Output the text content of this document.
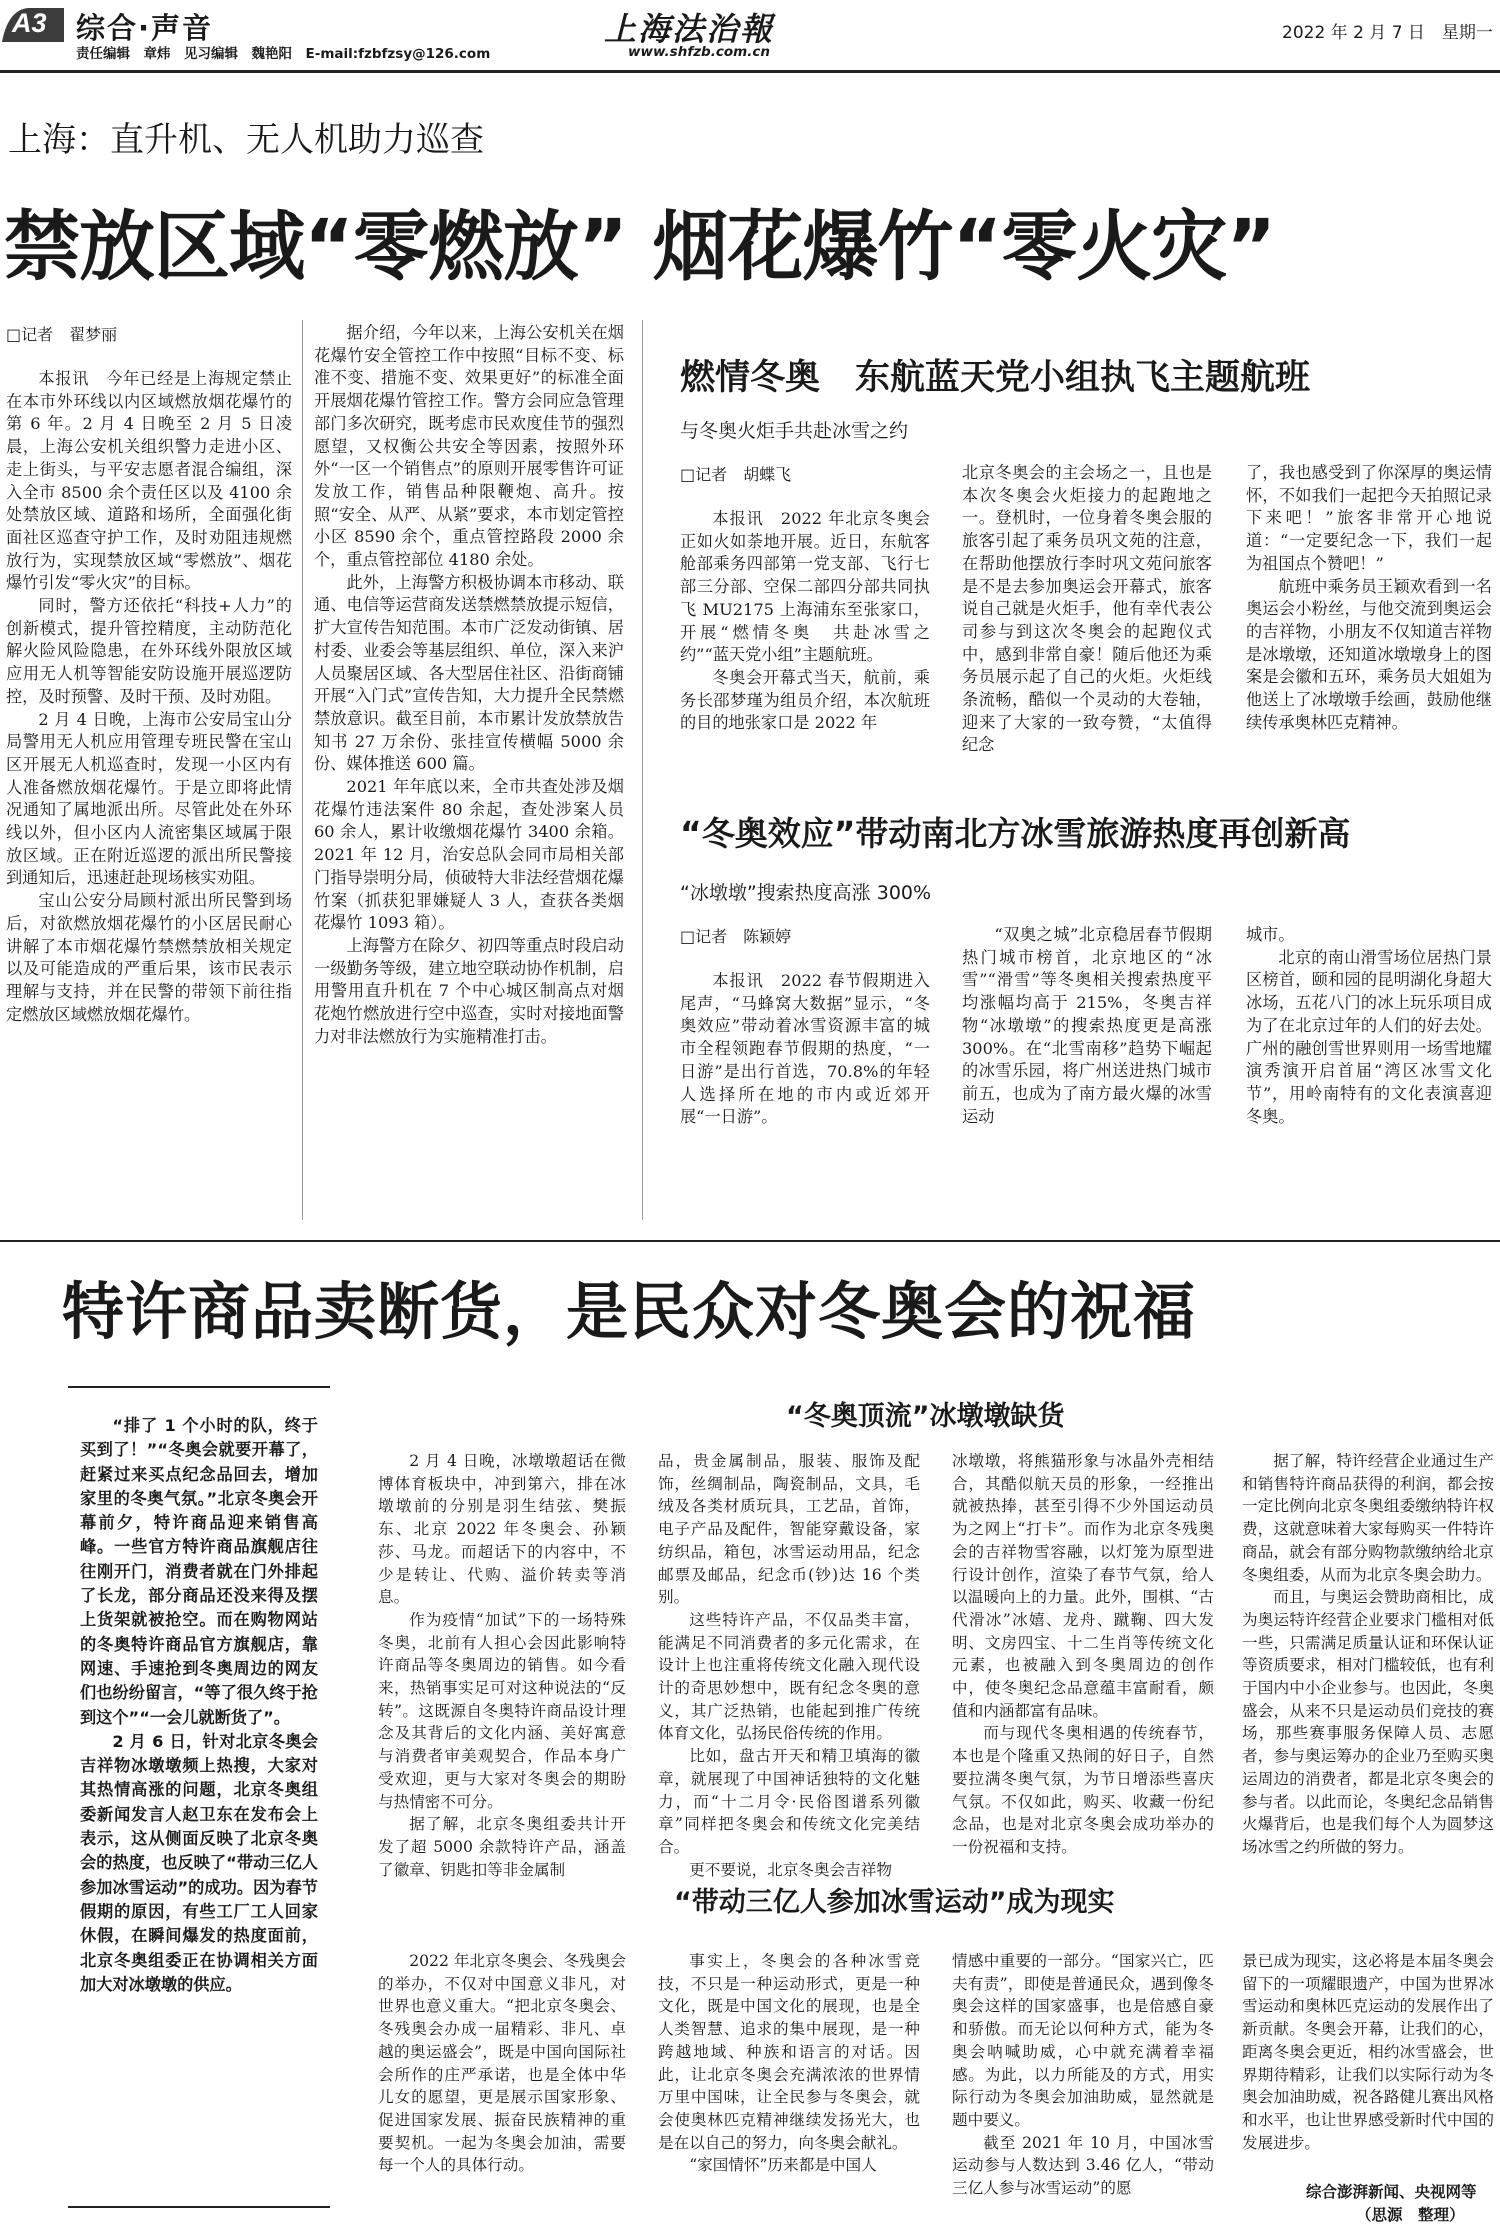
A3 综合·声音
责任编辑　章炜　见习编辑　魏艳阳　E-mail:fzbfzsy@126.com
上海法治報
www.shfzb.com.cn
2022 年 2 月 7 日　星期一
上海：直升机、无人机助力巡查
禁放区域“零燃放” 烟花爆竹“零火灾”
□记者　翟梦丽

本报讯　今年已经是上海规定禁止在本市外环线以内区域燃放烟花爆竹的第 6 年。2 月 4 日晚至 2 月 5 日凌晨，上海公安机关组织警力走进小区、走上街头，与平安志愿者混合编组，深入全市 8500 余个责任区以及 4100 余处禁放区域、道路和场所，全面强化街面社区巡查守护工作，及时劝阻违规燃放行为，实现禁放区域“零燃放”、烟花爆竹引发“零火灾”的目标。

同时，警方还依托“科技+人力”的创新模式，提升管控精度，主动防范化解火险风险隐患，在外环线外限放区域应用无人机等智能安防设施开展巡逻防控，及时预警、及时干预、及时劝阻。

2 月 4 日晚，上海市公安局宝山分局警用无人机应用管理专班民警在宝山区开展无人机巡查时，发现一小区内有人准备燃放烟花爆竹。于是立即将此情况通知了属地派出所。尽管此处在外环线以外，但小区内人流密集区域属于限放区域。正在附近巡逻的派出所民警接到通知后，迅速赶赴现场核实劝阻。

宝山公安分局顾村派出所民警到场后，对欲燃放烟花爆竹的小区居民耐心讲解了本市烟花爆竹禁燃禁放相关规定以及可能造成的严重后果，该市民表示理解与支持，并在民警的带领下前往指定燃放区域燃放烟花爆竹。

据介绍，今年以来，上海公安机关在烟花爆竹安全管控工作中按照“目标不变、标准不变、措施不变、效果更好”的标准全面开展烟花爆竹管控工作。警方会同应急管理部门多次研究，既考虑市民欢度佳节的强烈愿望，又权衡公共安全等因素，按照外环外“一区一个销售点”的原则开展零售许可证发放工作，销售品种限鞭炮、高升。按照“安全、从严、从紧”要求，本市划定管控小区 8590 余个，重点管控路段 2000 余个，重点管控部位 4180 余处。

此外，上海警方积极协调本市移动、联通、电信等运营商发送禁燃禁放提示短信，扩大宣传告知范围。本市广泛发动街镇、居村委、业委会等基层组织、单位，深入来沪人员聚居区域、各大型居住社区、沿街商铺开展“入门式”宣传告知，大力提升全民禁燃禁放意识。截至目前，本市累计发放禁放告知书 27 万余份、张挂宣传横幅 5000 余份、媒体推送 600 篇。

2021 年年底以来，全市共查处涉及烟花爆竹违法案件 80 余起，查处涉案人员 60 余人，累计收缴烟花爆竹 3400 余箱。2021 年 12 月，治安总队会同市局相关部门指导崇明分局，侦破特大非法经营烟花爆竹案（抓获犯罪嫌疑人 3 人，查获各类烟花爆竹 1093 箱）。

上海警方在除夕、初四等重点时段启动一级勤务等级，建立地空联动协作机制，启用警用直升机在 7 个中心城区制高点对烟花炮竹燃放进行空中巡查，实时对接地面警力对非法燃放行为实施精准打击。

燃情冬奥　东航蓝天党小组执飞主题航班
与冬奥火炬手共赴冰雪之约
□记者　胡蝶飞

本报讯　2022 年北京冬奥会正如火如荼地开展。近日，东航客舱部乘务四部第一党支部、飞行七部三分部、空保二部四分部共同执飞 MU2175 上海浦东至张家口，开展“燃情冬奥　共赴冰雪之约”“蓝天党小组”主题航班。

冬奥会开幕式当天，航前，乘务长邵梦瑾为组员介绍，本次航班的目的地张家口是 2022 年

北京冬奥会的主会场之一，且也是本次冬奥会火炬接力的起跑地之一。登机时，一位身着冬奥会服的旅客引起了乘务员巩文苑的注意，在帮助他摆放行李时巩文苑问旅客是不是去参加奥运会开幕式，旅客说自己就是火炬手，他有幸代表公司参与到这次冬奥会的起跑仪式中，感到非常自豪！随后他还为乘务员展示起了自己的火炬。火炬线条流畅，酷似一个灵动的大卷轴，迎来了大家的一致夸赞，“太值得纪念

了，我也感受到了你深厚的奥运情怀，不如我们一起把今天拍照记录下来吧！”旅客非常开心地说道：“一定要纪念一下，我们一起为祖国点个赞吧！”

航班中乘务员王颖欢看到一名奥运会小粉丝，与他交流到奥运会的吉祥物，小朋友不仅知道吉祥物是冰墩墩，还知道冰墩墩身上的图案是会徽和五环，乘务员大姐姐为他送上了冰墩墩手绘画，鼓励他继续传承奥林匹克精神。

“冬奥效应”带动南北方冰雪旅游热度再创新高
“冰墩墩”搜索热度高涨 300%
□记者　陈颖婷

本报讯　2022 春节假期进入尾声，“马蜂窝大数据”显示，“冬奥效应”带动着冰雪资源丰富的城市全程领跑春节假期的热度，“一日游”是出行首选，70.8%的年轻人选择所在地的市内或近郊开展“一日游”。

“双奥之城”北京稳居春节假期热门城市榜首，北京地区的“冰雪”“滑雪”等冬奥相关搜索热度平均涨幅均高于 215%，冬奥吉祥物“冰墩墩”的搜索热度更是高涨 300%。在“北雪南移”趋势下崛起的冰雪乐园，将广州送进热门城市前五，也成为了南方最火爆的冰雪运动

城市。

北京的南山滑雪场位居热门景区榜首，颐和园的昆明湖化身超大冰场，五花八门的冰上玩乐项目成为了在北京过年的人们的好去处。广州的融创雪世界则用一场雪地耀演秀演开启首届“湾区冰雪文化节”，用岭南特有的文化表演喜迎冬奥。

特许商品卖断货，是民众对冬奥会的祝福

“排了 1 个小时的队，终于买到了！”“冬奥会就要开幕了，赶紧过来买点纪念品回去，增加家里的冬奥气氛。”北京冬奥会开幕前夕，特许商品迎来销售高峰。一些官方特许商品旗舰店往往刚开门，消费者就在门外排起了长龙，部分商品还没来得及摆上货架就被抢空。而在购物网站的冬奥特许商品官方旗舰店，靠网速、手速抢到冬奥周边的网友们也纷纷留言，“等了很久终于抢到这个”“一会儿就断货了”。

2 月 6 日，针对北京冬奥会吉祥物冰墩墩频上热搜，大家对其热情高涨的问题，北京冬奥组委新闻发言人赵卫东在发布会上表示，这从侧面反映了北京冬奥会的热度，也反映了“带动三亿人参加冰雪运动”的成功。因为春节假期的原因，有些工厂工人回家休假，在瞬间爆发的热度面前，北京冬奥组委正在协调相关方面加大对冰墩墩的供应。

“冬奥顶流”冰墩墩缺货

2 月 4 日晚，冰墩墩超话在微博体育板块中，冲到第六，排在冰墩墩前的分别是羽生结弦、樊振东、北京 2022 年冬奥会、孙颖莎、马龙。而超话下的内容中，不少是转让、代购、溢价转卖等消息。

作为疫情“加试”下的一场特殊冬奥，北前有人担心会因此影响特许商品等冬奥周边的销售。如今看来，热销事实足可对这种说法的“反转”。这既源自冬奥特许商品设计理念及其背后的文化内涵、美好寓意与消费者审美观契合，作品本身广受欢迎，更与大家对冬奥会的期盼与热情密不可分。

据了解，北京冬奥组委共计开发了超 5000 余款特许产品，涵盖了徽章、钥匙扣等非金属制

品，贵金属制品，服装、服饰及配饰，丝绸制品，陶瓷制品，文具，毛绒及各类材质玩具，工艺品，首饰，电子产品及配件，智能穿戴设备，家纺织品，箱包，冰雪运动用品，纪念邮票及邮品，纪念币(钞)达 16 个类别。

这些特许产品，不仅品类丰富，能满足不同消费者的多元化需求，在设计上也注重将传统文化融入现代设计的奇思妙想中，既有纪念冬奥的意义，其广泛热销，也能起到推广传统体育文化，弘扬民俗传统的作用。

比如，盘古开天和精卫填海的徽章，就展现了中国神话独特的文化魅力，而“十二月令·民俗图谱系列徽章”同样把冬奥会和传统文化完美结合。

更不要说，北京冬奥会吉祥物

冰墩墩，将熊猫形象与冰晶外壳相结合，其酷似航天员的形象，一经推出就被热捧，甚至引得不少外国运动员为之网上“打卡”。而作为北京冬残奥会的吉祥物雪容融，以灯笼为原型进行设计创作，渲染了春节气氛，给人以温暖向上的力量。此外，围棋、“古代滑冰”冰嬉、龙舟、蹴鞠、四大发明、文房四宝、十二生肖等传统文化元素，也被融入到冬奥周边的创作中，使冬奥纪念品意蕴丰富耐看，颇值和内涵都富有品味。

而与现代冬奥相遇的传统春节，本也是个隆重又热闹的好日子，自然要拉满冬奥气氛，为节日增添些喜庆气氛。不仅如此，购买、收藏一份纪念品，也是对北京冬奥会成功举办的一份祝福和支持。

据了解，特许经营企业通过生产和销售特许商品获得的利润，都会按一定比例向北京冬奥组委缴纳特许权费，这就意味着大家每购买一件特许商品，就会有部分购物款缴纳给北京冬奥组委，从而为北京冬奥会助力。

而且，与奥运会赞助商相比，成为奥运特许经营企业要求门槛相对低一些，只需满足质量认证和环保认证等资质要求，相对门槛较低，也有利于国内中小企业参与。也因此，冬奥盛会，从来不只是运动员们竞技的赛场，那些赛事服务保障人员、志愿者，参与奥运筹办的企业乃至购买奥运周边的消费者，都是北京冬奥会的参与者。以此而论，冬奥纪念品销售火爆背后，也是我们每个人为圆梦这场冰雪之约所做的努力。

“带动三亿人参加冰雪运动”成为现实

2022 年北京冬奥会、冬残奥会的举办，不仅对中国意义非凡，对世界也意义重大。“把北京冬奥会、冬残奥会办成一届精彩、非凡、卓越的奥运盛会”，既是中国向国际社会所作的庄严承诺，也是全体中华儿女的愿望，更是展示国家形象、促进国家发展、振奋民族精神的重要契机。一起为冬奥会加油，需要每一个人的具体行动。

事实上，冬奥会的各种冰雪竞技，不只是一种运动形式，更是一种文化，既是中国文化的展现，也是全人类智慧、追求的集中展现，是一种跨越地域、种族和语言的对话。因此，让北京冬奥会充满浓浓的世界情万里中国味，让全民参与冬奥会，就会使奥林匹克精神继续发扬光大，也是在以自己的努力，向冬奥会献礼。

“家国情怀”历来都是中国人

情感中重要的一部分。“国家兴亡，匹夫有责”，即使是普通民众，遇到像冬奥会这样的国家盛事，也是倍感自豪和骄傲。而无论以何种方式，能为冬奥会呐喊助威，心中就充满着幸福感。为此，以力所能及的方式，用实际行动为冬奥会加油助威，显然就是题中要义。

截至 2021 年 10 月，中国冰雪运动参与人数达到 3.46 亿人，“带动三亿人参与冰雪运动”的愿

景已成为现实，这必将是本届冬奥会留下的一项耀眼遗产，中国为世界冰雪运动和奥林匹克运动的发展作出了新贡献。冬奥会开幕，让我们的心，距离冬奥会更近，相约冰雪盛会，世界期待精彩，让我们以实际行动为冬奥会加油助威，祝各路健儿赛出风格和水平，也让世界感受新时代中国的发展进步。

综合澎湃新闻、央视网等
（思源　整理）
